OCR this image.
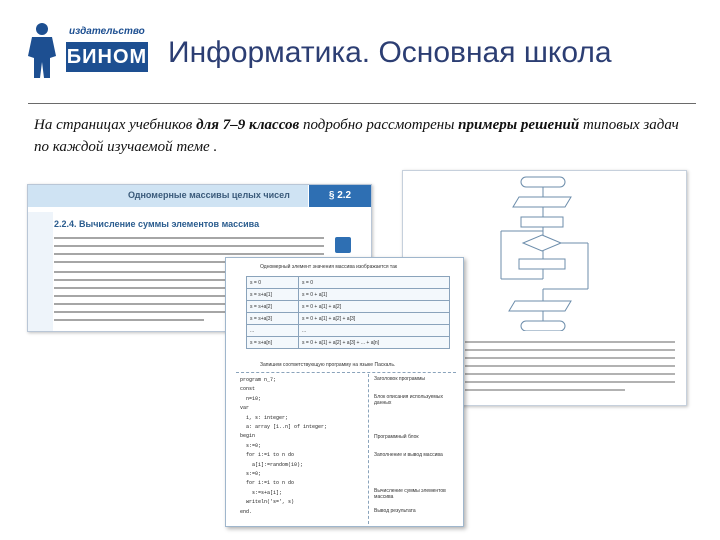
издательство
БИНОМ Информатика. Основная школа
На страницах учебников для 7–9 классов подробно рассмотрены примеры решений типовых задач по каждой изучаемой теме .
Одномерные массивы целых чисел	§ 2.2
2.2.4. Вычисление суммы элементов массива
Одномерный элемент значения массива изображается так
s = 0	s = 0
s = s+a[1]	s = 0 + a[1]
s = s+a[2]	s = 0 + a[1] + a[2]
s = s+a[3]	s = 0 + a[1] + a[2] + a[3]
...	...
s = s+a[n]	s = 0 + a[1] + a[2] + a[3] + ... + a[n]
Запишем соответствующую программу на языке Паскаль.
program n_7;
const
n=10;
var
i, s: integer;
a: array [1..n] of integer;
begin
s:=0;
for i:=1 to n do
a[i]:=random(10);
s:=0;
for i:=1 to n do
s:=s+a[i];
writeln('s=', s)
end.
Заголовок программы
Блок описания используемых данных
Программный блок
Заполнение и вывод массива
Вычисление суммы элементов массива
Вывод результата
